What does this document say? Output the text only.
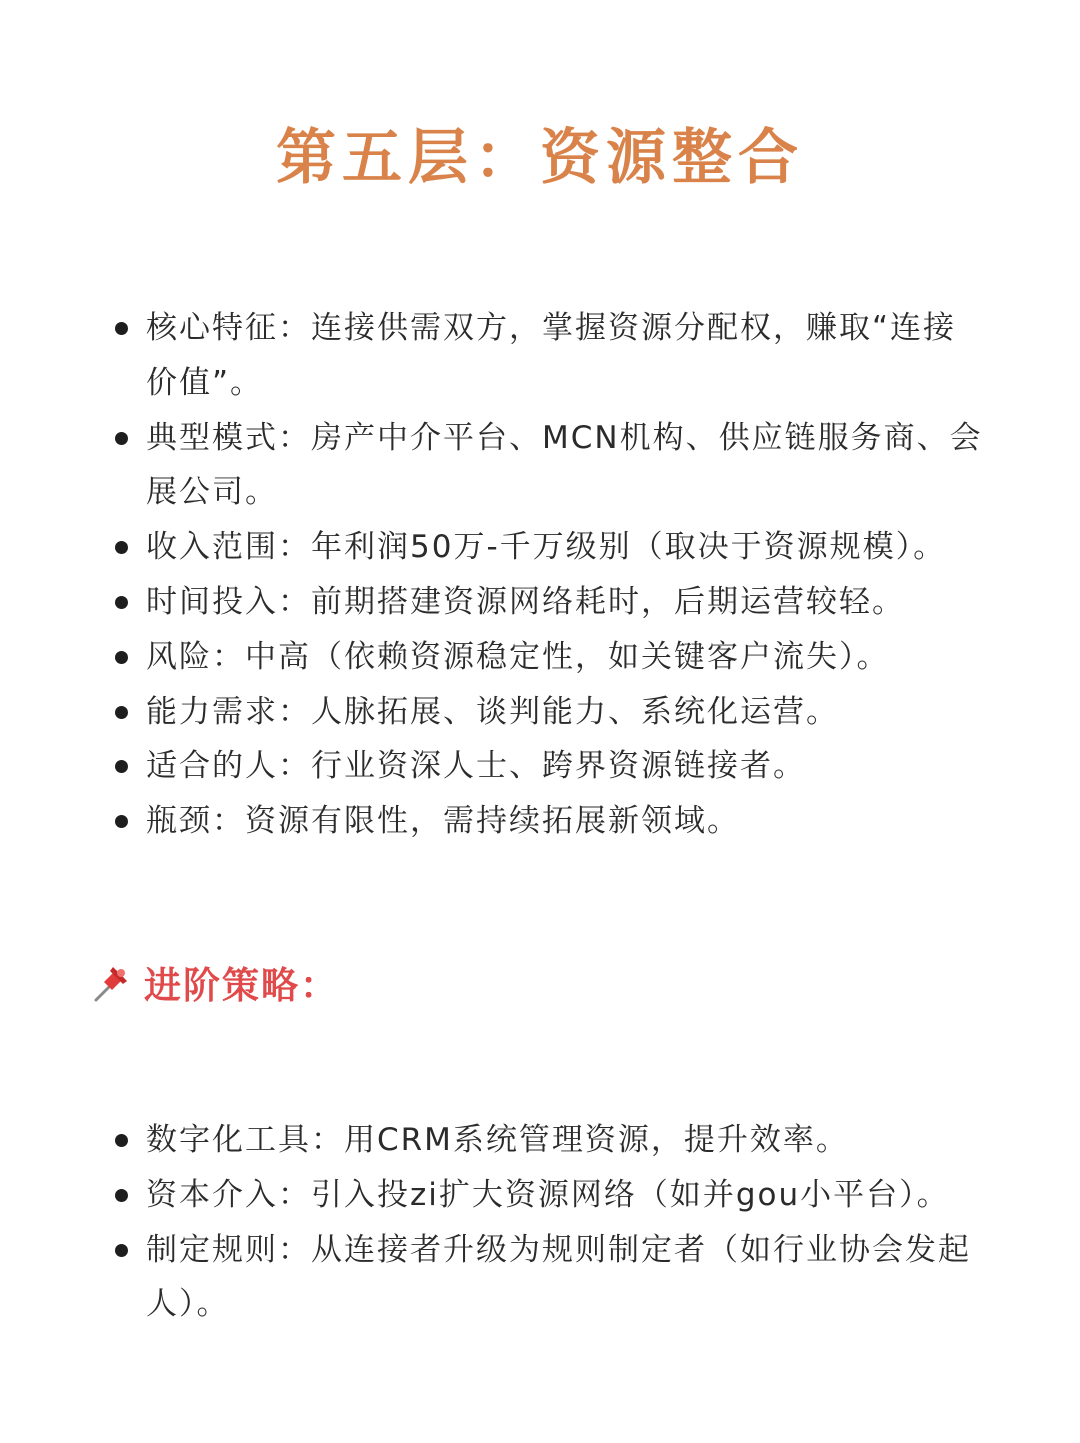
第五层：资源整合
核心特征：连接供需双方，掌握资源分配权，赚取“连接价值”。
典型模式：房产中介平台、MCN机构、供应链服务商、会展公司。
收入范围：年利润50万-千万级别（取决于资源规模）。
时间投入：前期搭建资源网络耗时，后期运营较轻。
风险：中高（依赖资源稳定性，如关键客户流失）。
能力需求：人脉拓展、谈判能力、系统化运营。
适合的人：行业资深人士、跨界资源链接者。
瓶颈：资源有限性，需持续拓展新领域。
进阶策略：
数字化工具：用CRM系统管理资源，提升效率。
资本介入：引入投zi扩大资源网络（如并gou小平台）。
制定规则：从连接者升级为规则制定者（如行业协会发起人）。
